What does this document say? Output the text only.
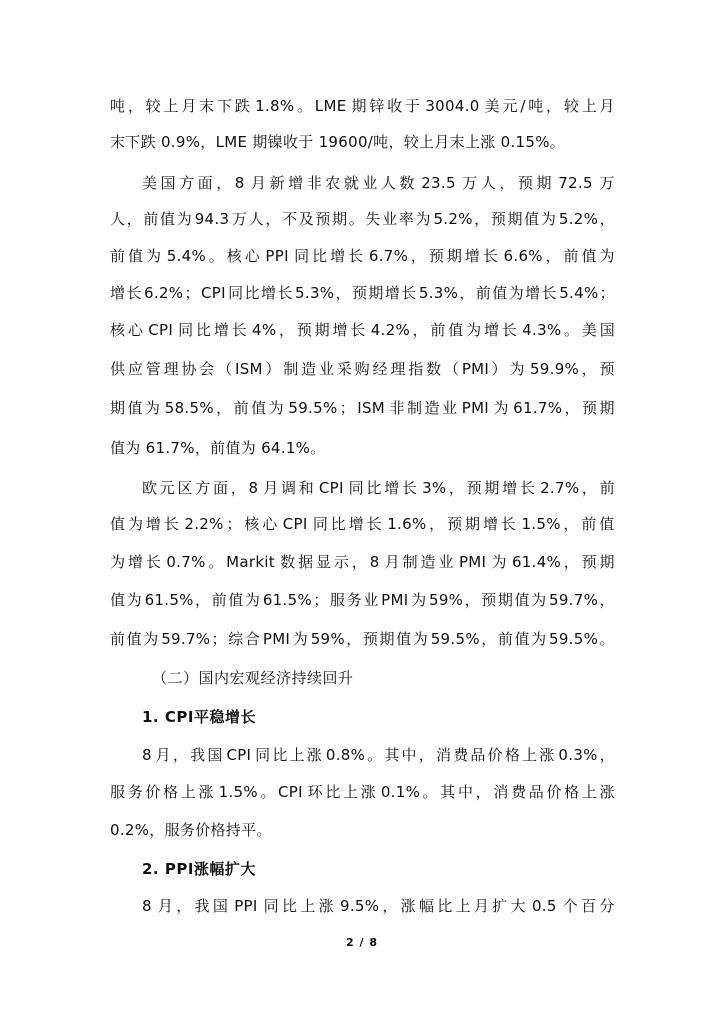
吨 ， 较 上 月 末 下 跌 1.8% 。 LME 期 锌 收 于 3004.0 美 元 / 吨 ， 较 上 月
末下跌 0.9%，LME 期镍收于 19600/吨，较上月末上涨 0.15%。
美 国 方 面 ， 8 月 新 增 非 农 就 业 人 数 23.5 万 人 ， 预 期 72.5 万
人 ， 前 值 为 94.3 万 人 ， 不 及 预 期 。 失 业 率 为 5.2% ， 预 期 值 为 5.2% ，
前 值 为 5.4% 。 核 心 PPI 同 比 增 长 6.7% ， 预 期 增 长 6.6% ， 前 值 为
增 长 6.2% ； CPI 同 比 增 长 5.3% ， 预 期 增 长 5.3% ， 前 值 为 增 长 5.4% ；
核 心 CPI 同 比 增 长 4% ， 预 期 增 长 4.2% ， 前 值 为 增 长 4.3% 。 美 国
供 应 管 理 协 会 （ ISM ） 制 造 业 采 购 经 理 指 数 （ PMI ） 为 59.9% ， 预
期 值 为 58.5% ， 前 值 为 59.5% ； ISM 非 制 造 业 PMI 为 61.7% ， 预 期
值为 61.7%，前值为 64.1%。
欧 元 区 方 面 ， 8 月 调 和 CPI 同 比 增 长 3% ， 预 期 增 长 2.7% ， 前
值 为 增 长 2.2% ； 核 心 CPI 同 比 增 长 1.6% ， 预 期 增 长 1.5% ， 前 值
为 增 长 0.7% 。 Markit 数 据 显 示 ， 8 月 制 造 业 PMI 为 61.4% ， 预 期
值 为 61.5% ， 前 值 为 61.5% ； 服 务 业 PMI 为 59% ， 预 期 值 为 59.7% ，
前 值 为 59.7% ； 综 合 PMI 为 59% ， 预 期 值 为 59.5% ， 前 值 为 59.5% 。
（二）国内宏观经济持续回升
1. CPI平稳增长
8 月 ， 我 国 CPI 同 比 上 涨 0.8% 。 其 中 ， 消 费 品 价 格 上 涨 0.3% ，
服 务 价 格 上 涨 1.5% 。 CPI 环 比 上 涨 0.1% 。 其 中 ， 消 费 品 价 格 上 涨
0.2%，服务价格持平。
2. PPI涨幅扩大
8 月 ， 我 国 PPI 同 比 上 涨 9.5% ， 涨 幅 比 上 月 扩 大 0.5 个 百 分
2 / 8
